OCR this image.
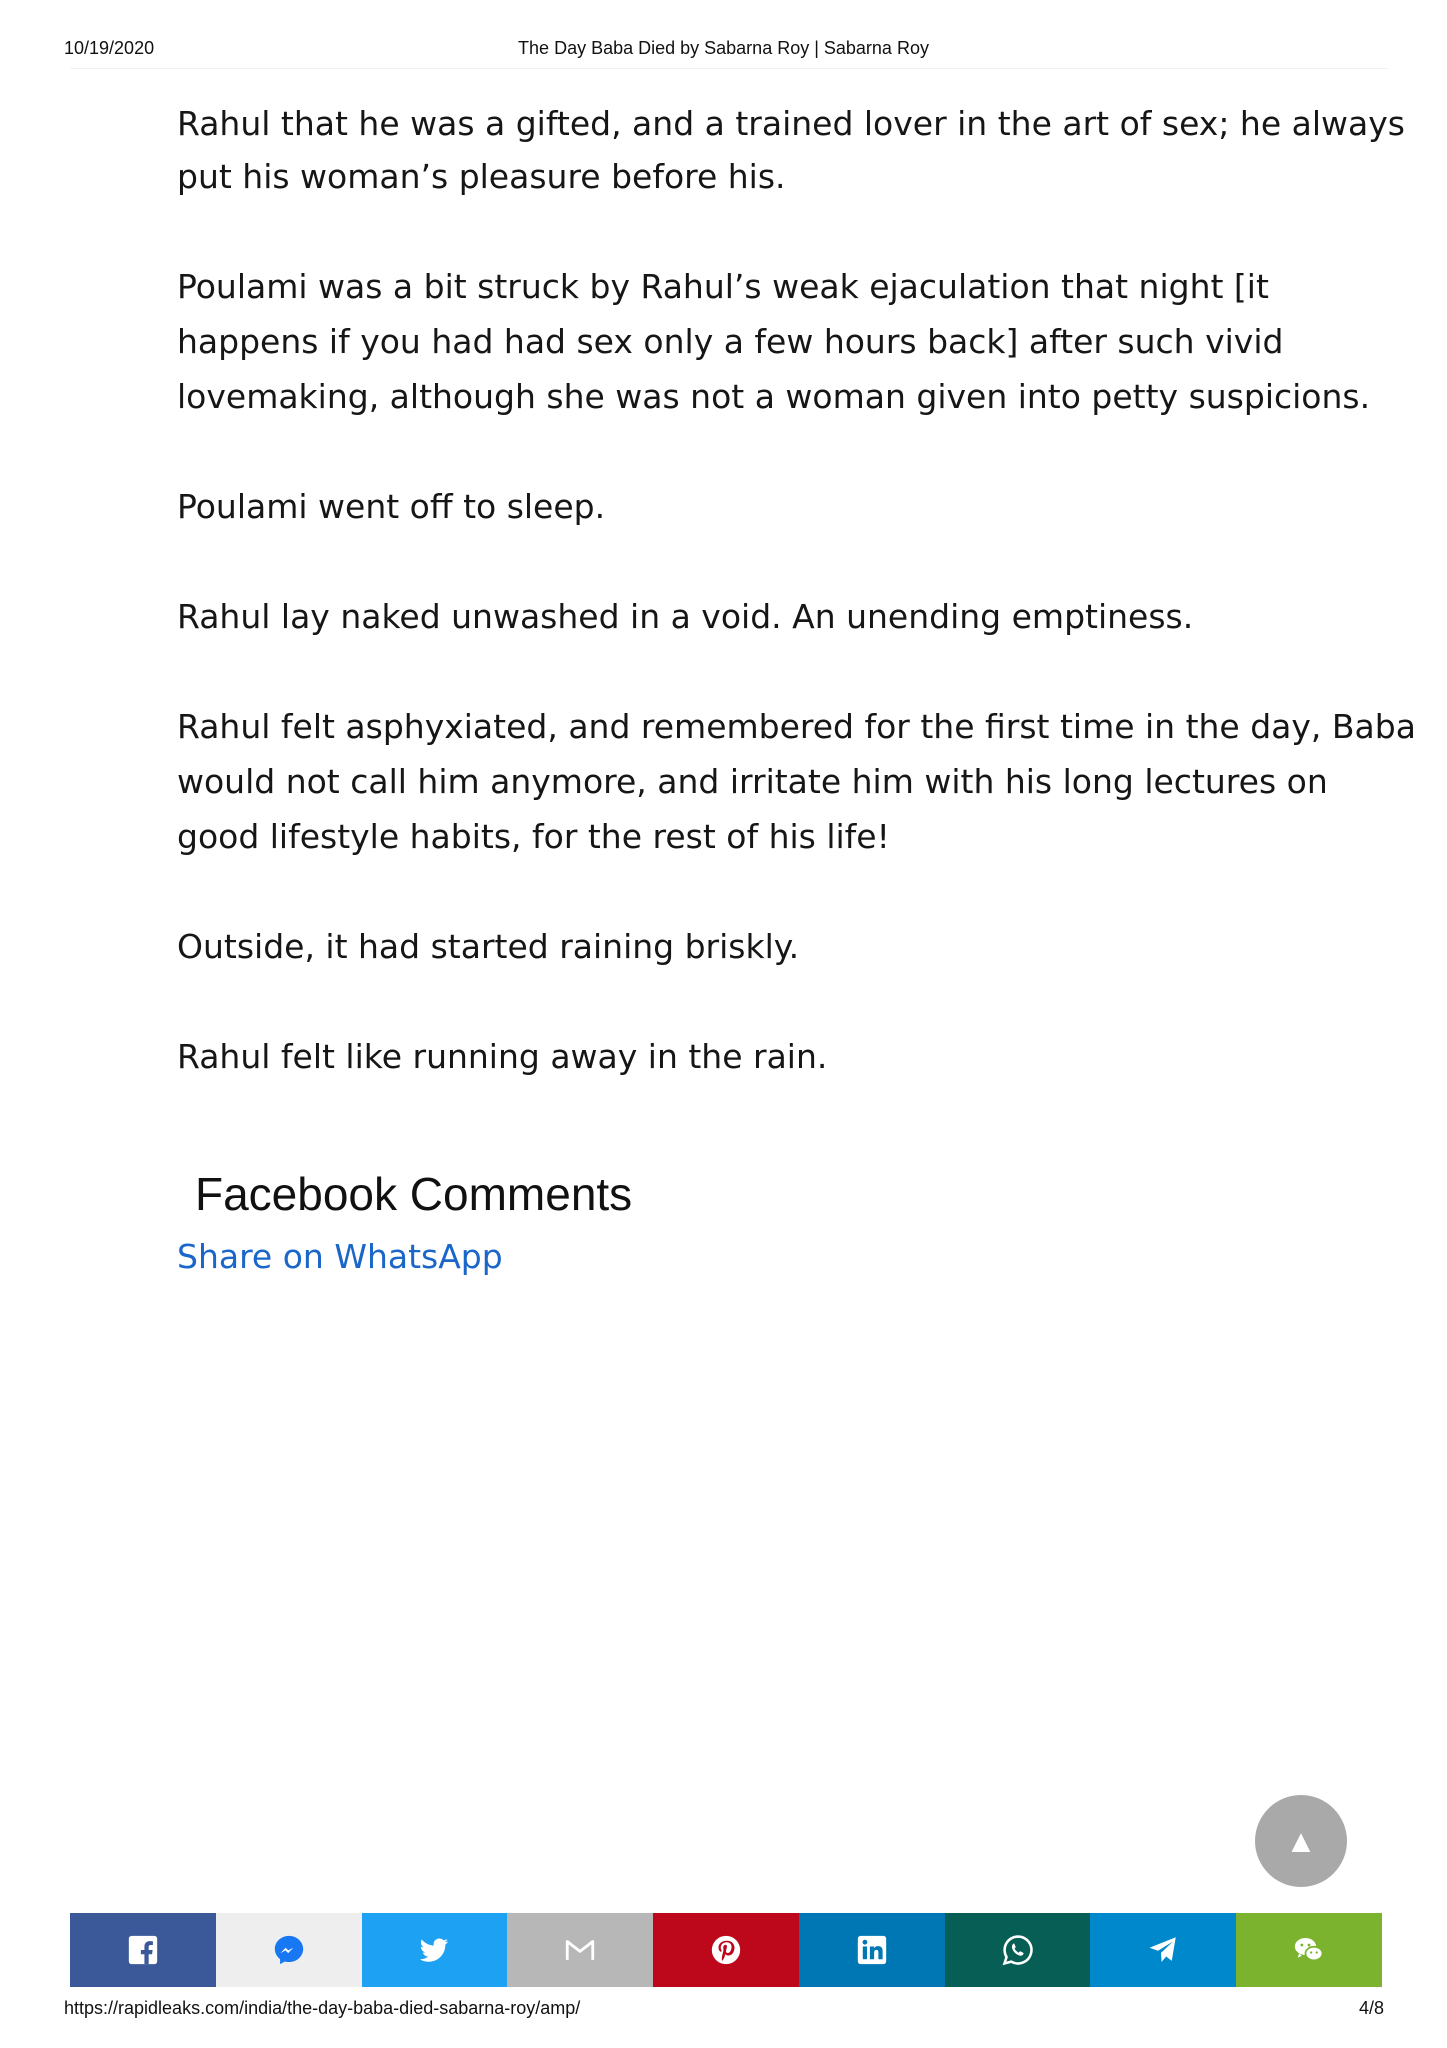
10/19/2020	The Day Baba Died by Sabarna Roy | Sabarna Roy
Rahul that he was a gifted, and a trained lover in the art of sex; he always

put his woman’s pleasure before his.

Poulami was a bit struck by Rahul’s weak ejaculation that night [it happens if you had had sex only a few hours back] after such vivid lovemaking, although she was not a woman given into petty suspicions.

Poulami went off to sleep.

Rahul lay naked unwashed in a void. An unending emptiness.

Rahul felt asphyxiated, and remembered for the first time in the day, Baba would not call him anymore, and irritate him with his long lectures on good lifestyle habits, for the rest of his life!

Outside, it had started raining briskly.

Rahul felt like running away in the rain.

Facebook Comments
Share on WhatsApp
▲
https://rapidleaks.com/india/the-day-baba-died-sabarna-roy/amp/	4/8
